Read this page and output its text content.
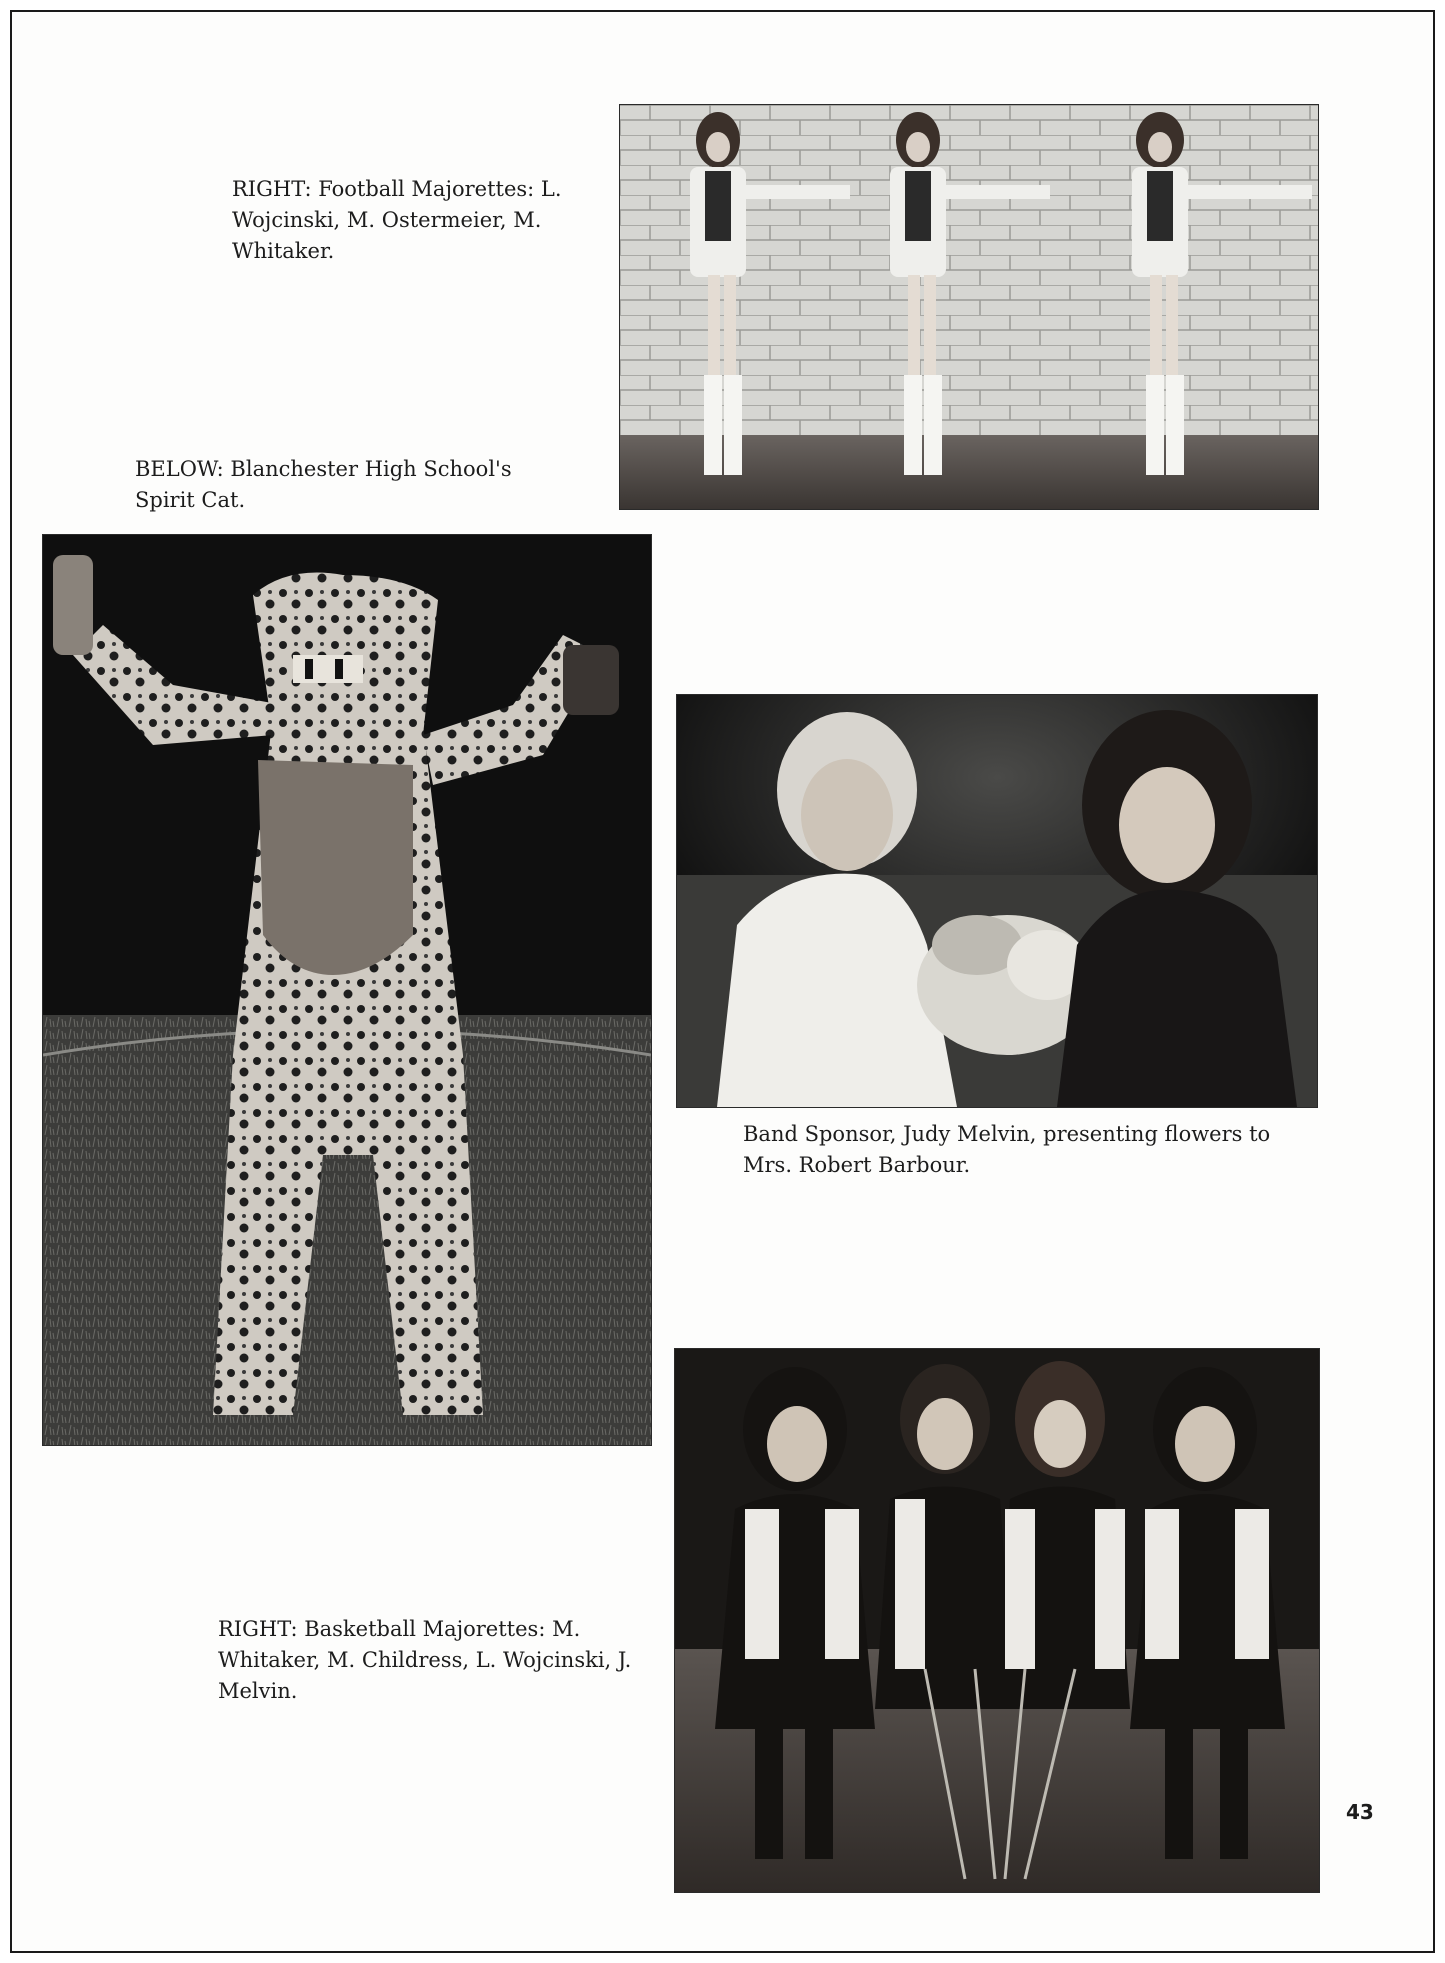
RIGHT: Football Majorettes: L. Wojcinski, M. Ostermeier, M. Whitaker.
BELOW: Blanchester High School's Spirit Cat.
Band Sponsor, Judy Melvin, presenting flowers to Mrs. Robert Barbour.
RIGHT: Basketball Majorettes: M. Whitaker, M. Childress, L. Wojcinski, J. Melvin.
43
